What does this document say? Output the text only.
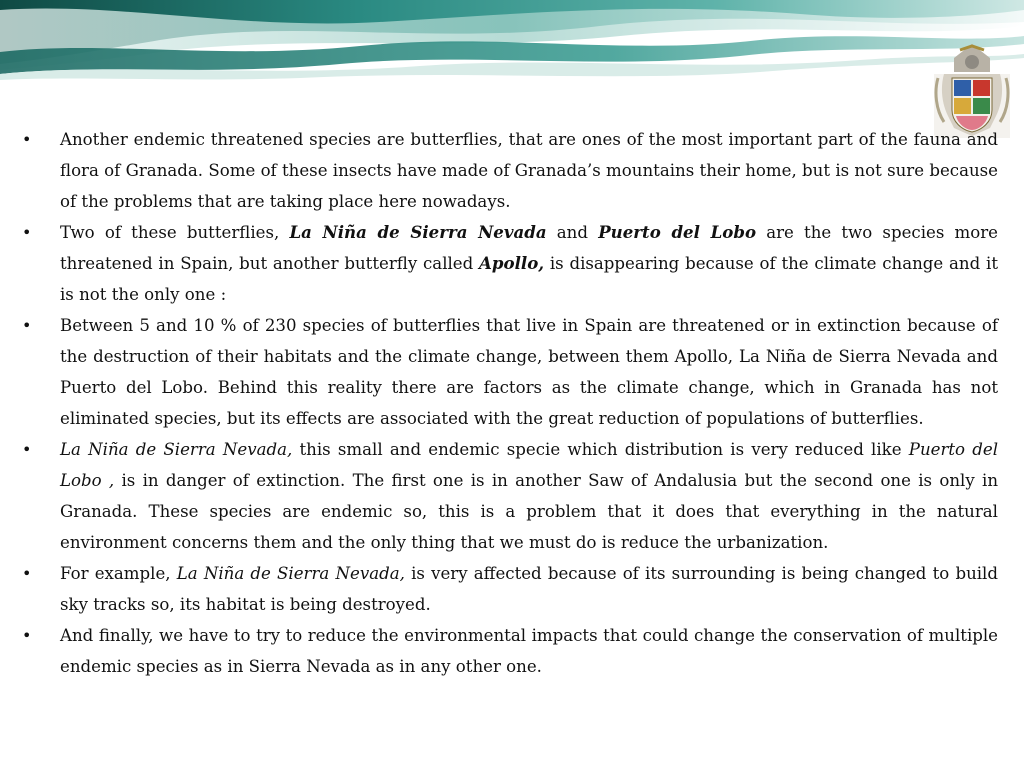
•	Another endemic threatened species are butterflies, that are ones of the most important part of the fauna and flora of Granada. Some of these insects have made of Granada’s mountains their home, but is not sure because of the problems that are taking place here nowadays.
•	Two of these butterflies, La Niña de Sierra Nevada and Puerto del Lobo are the two species more threatened in Spain, but another butterfly called Apollo, is disappearing because of the climate change and it is not the only one :
•	Between 5 and 10 % of 230 species of butterflies that live in Spain are threatened or in extinction because of the destruction of their habitats and the climate change, between them Apollo, La Niña de Sierra Nevada and Puerto del Lobo. Behind this reality there are factors as the climate change, which in Granada has not eliminated species, but its effects are associated with the great reduction of populations of butterflies.
•	La Niña de Sierra Nevada, this small and endemic specie which distribution is very reduced like Puerto del Lobo , is in danger of extinction. The first one is in another Saw of Andalusia but the second one is only in Granada. These species are endemic so, this is a problem that it does that everything in the natural environment concerns them and the only thing that we must do is reduce the urbanization.
•	For example, La Niña de Sierra Nevada, is very affected because of its surrounding is being changed to build sky tracks so, its habitat is being destroyed.
•	And finally, we have to try to reduce the environmental impacts that could change the conservation of multiple endemic species as in Sierra Nevada as in any other one.
